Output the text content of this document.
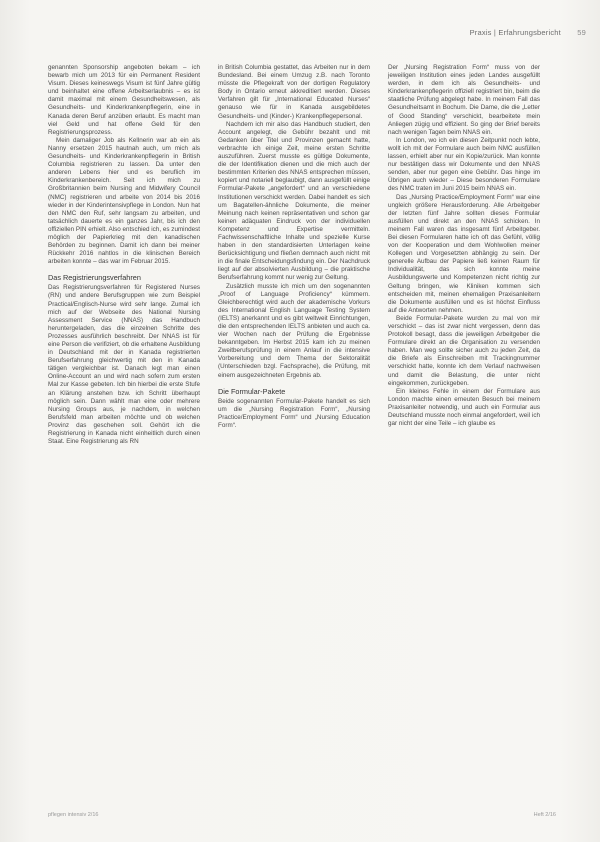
Praxis | Erfahrungsbericht 59

genannten Sponsorship angeboten bekam – ich bewarb mich um 2013 für ein Permanent Resident Visum. Dieses keineswegs Visum ist fünf Jahre gültig und beinhaltet eine offene Arbeitserlaubnis – es ist damit maximal mit einem Gesundheitswesen, als Gesundheits- und Kinderkrankenpflegerin, eine in Kanada deren Beruf anzüben erlaubt. Es macht man viel Geld und hat offene Geld für den Registrierungsprozess.

Mein damaliger Job als Kellnerin war ab ein als Nanny ersetzen 2015 hautnah auch, um mich als Gesundheits- und Kinderkrankenpflegerin in British Columbia registrieren zu lassen. Da unter den anderen Lebens hier und es beruflich im Kinderkrankenbereich. Seit ich mich zu Großbritannien beim Nursing and Midwifery Council (NMC) registrieren und arbeite von 2014 bis 2016 wieder in der Kinderintensivpflege in London. Nun hat den NMC den Ruf, sehr langsam zu arbeiten, und tatsächlich dauerte es ein ganzes Jahr, bis ich den offiziellen PIN erhielt. Also entschied ich, es zumindest möglich der Papierkrieg mit den kanadischen Behörden zu beginnen. Damit ich dann bei meiner Rückkehr 2016 nahtlos in die klinischen Bereich arbeiten konnte – das war im Februar 2015.

Das Registrierungsverfahren

Das Registrierungsverfahren für Registered Nurses (RN) und andere Berufsgruppen wie zum Beispiel Practical/Englisch-Nurse wird sehr lange. Zumal ich mich auf der Webseite des National Nursing Assessment Service (NNAS) das Handbuch heruntergeladen, das die einzelnen Schritte des Prozesses ausführlich beschreibt. Der NNAS ist für eine Person die verifiziert, ob die erhaltene Ausbildung in Deutschland mit der in Kanada registrierten Berufserfahrung gleichwertig mit den in Kanada tätigen vergleichbar ist. Danach legt man einen Online-Account an und wird nach sofern zum ersten Mal zur Kasse gebeten. Ich bin hierbei die erste Stufe an Klärung anstehen bzw. ich Schritt überhaupt möglich sein. Dann wählt man eine oder mehrere Nursing Groups aus, je nachdem, in welchen Berufsfeld man arbeiten möchte und ob welchen Provinz das geschehen soll. Gehört ich die Registrierung in Kanada nicht einheitlich durch einen Staat. Eine Registrierung als RN

in British Columbia gestattet, das Arbeiten nur in dem Bundesland. Bei einem Umzug z.B. nach Toronto müsste die Pflegekraft von der dortigen Regulatory Body in Ontario erneut akkreditiert werden. Dieses Verfahren gilt für „International Educated Nurses“ genauso wie für in Kanada ausgebildetes Gesundheits- und (Kinder-) Krankenpflegepersonal.

Nachdem ich mir also das Handbuch studiert, den Account angelegt, die Gebühr bezahlt und mit Gedanken über Titel und Provinzen gemacht hatte, verbrachte ich einige Zeit, meine ersten Schritte auszuführen. Zuerst musste es gültige Dokumente, die der Identifikation dienen und die mich auch der bestimmten Kriterien des NNAS entsprechen müssen, kopiert und notariell beglaubigt, dann ausgefüllt einige Formular-Pakete „angefordert“ und an verschiedene Institutionen verschickt werden. Dabei handelt es sich um Bagatellen-ähnliche Dokumente, die meiner Meinung nach keinen repräsentativen und schon gar keinen adäquaten Eindruck von der individuellen Kompetenz und Expertise vermitteln. Fachwissenschaftliche Inhalte und spezielle Kurse haben in den standardisierten Unterlagen keine Berücksichtigung und fließen demnach auch nicht mit in die finale Entscheidungsfindung ein. Der Nachdruck liegt auf der absolvierten Ausbildung – die praktische Berufserfahrung kommt nur wenig zur Geltung.

Zusätzlich musste ich mich um den sogenannten „Proof of Language Proficiency“ kümmern. Gleichberechtigt wird auch der akademische Vorkurs des International English Language Testing System (IELTS) anerkannt und es gibt weltweit Einrichtungen, die den entsprechenden IELTS anbieten und auch ca. vier Wochen nach der Prüfung die Ergebnisse bekanntgeben. Im Herbst 2015 kam ich zu meinen Zweitberufsprüfung in einem Anlauf in die intensive Vorbereitung und dem Thema der Sektoralität (Unterschieden bzgl. Fachsprache), die Prüfung, mit einem ausgezeichneten Ergebnis ab.

Die Formular-Pakete

Beide sogenannten Formular-Pakete handelt es sich um die „Nursing Registration Form“, „Nursing Practice/Employment Form“ und „Nursing Education Form“.

Der „Nursing Registration Form“ muss von der jeweiligen Institution eines jeden Landes ausgefüllt werden, in dem ich als Gesundheits- und Kinderkrankenpflegerin offiziell registriert bin, beim die staatliche Prüfung abgelegt habe. In meinem Fall das Gesundheitsamt in Bochum. Die Dame, die die „Letter of Good Standing“ verschickt, bearbeitete mein Anliegen zügig und effizient. So ging der Brief bereits nach wenigen Tagen beim NNAS ein.

In London, wo ich ein diesen Zeitpunkt noch lebte, wollt ich mit der Formulare auch beim NMC ausfüllen lassen, erhielt aber nur ein Kopie/zurück. Man konnte nur bestätigen dass wir Dokumente und den NNAS senden, aber nur gegen eine Gebühr. Das hinge im Übrigen auch wieder – Diese besonderen Formulare des NMC traten im Juni 2015 beim NNAS ein.

Das „Nursing Practice/Employment Form“ war eine ungleich größere Herausforderung. Alle Arbeitgeber der letzten fünf Jahre sollten dieses Formular ausfüllen und direkt an den NNAS schicken. In meinem Fall waren das insgesamt fünf Arbeitgeber. Bei diesen Formularen hatte ich oft das Gefühl, völlig von der Kooperation und dem Wohlwollen meiner Kollegen und Vorgesetzten abhängig zu sein. Der generelle Aufbau der Papiere ließ keinen Raum für Individualität, das sich konnte meine Ausbildungswerte und Kompetenzen nicht richtig zur Geltung bringen, wie Kliniken kommen sich entscheiden mit, meinen ehemaligen Praxisanleitern die Dokumente ausfüllen und es ist höchst Einfluss auf die Antworten nehmen.

Beide Formular-Pakete wurden zu mal von mir verschickt – das ist zwar nicht vergessen, denn das Protokoll besagt, dass die jeweiligen Arbeitgeber die Formulare direkt an die Organisation zu versenden haben. Man weg sollte sicher auch zu jeden Zeit, da die Briefe als Einschreiben mit Trackingnummer verschickt hatte, konnte ich dem Verlauf nachweisen und damit die Belastung, die unter nicht eingekommen, zurückgeben.

Ein kleines Fehle in einem der Formulare aus London machte einen erneuten Besuch bei meinem Praxisanleiter notwendig, und auch ein Formular aus Deutschland musste noch einmal angefordert, weil ich gar nicht der eine Teile – ich glaube es

pflegen intensiv 2/16	Heft 2/16
